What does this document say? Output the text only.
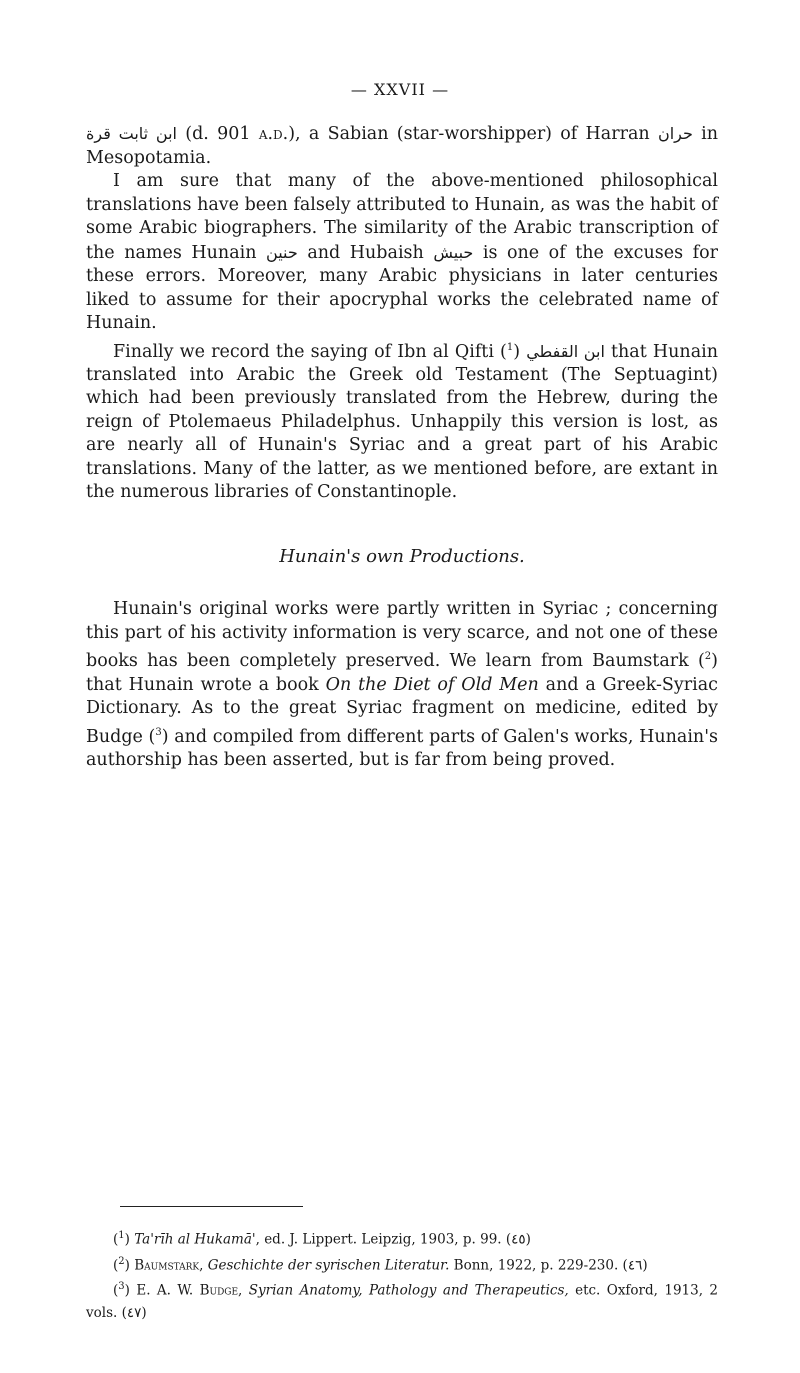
— XXVII —

ابن ثابت قرة (d. 901 a.d.), a Sabian (star-worshipper) of Harran حران in Mesopotamia.

I am sure that many of the above-mentioned philosophical translations have been falsely attributed to Hunain, as was the habit of some Arabic biographers. The similarity of the Arabic transcription of the names Hunain حنين and Hubaish حبيش is one of the excuses for these errors. Moreover, many Arabic physicians in later centuries liked to assume for their apocryphal works the celebrated name of Hunain.

Finally we record the saying of Ibn al Qifti ($^1$) ابن القفطي that Hunain translated into Arabic the Greek old Testament (The Septuagint) which had been previously translated from the Hebrew, during the reign of Ptolemaeus Philadelphus. Unhappily this version is lost, as are nearly all of Hunain's Syriac and a great part of his Arabic translations. Many of the latter, as we mentioned before, are extant in the numerous libraries of Constantinople.

Hunain's own Productions.

Hunain's original works were partly written in Syriac ; concerning this part of his activity information is very scarce, and not one of these books has been completely preserved. We learn from Baumstark ($^2$) that Hunain wrote a book On the Diet of Old Men and a Greek-Syriac Dictionary. As to the great Syriac fragment on medicine, edited by Budge ($^3$) and compiled from different parts of Galen's works, Hunain's authorship has been asserted, but is far from being proved.

($^1$) Ta'rīh al Hukamā', ed. J. Lippert. Leipzig, 1903, p. 99. (٤٥)

($^2$) Baumstark, Geschichte der syrischen Literatur. Bonn, 1922, p. 229-230. (٤٦)

($^3$) E. A. W. Budge, Syrian Anatomy, Pathology and Therapeutics, etc. Oxford, 1913, 2 vols. (٤٧)
